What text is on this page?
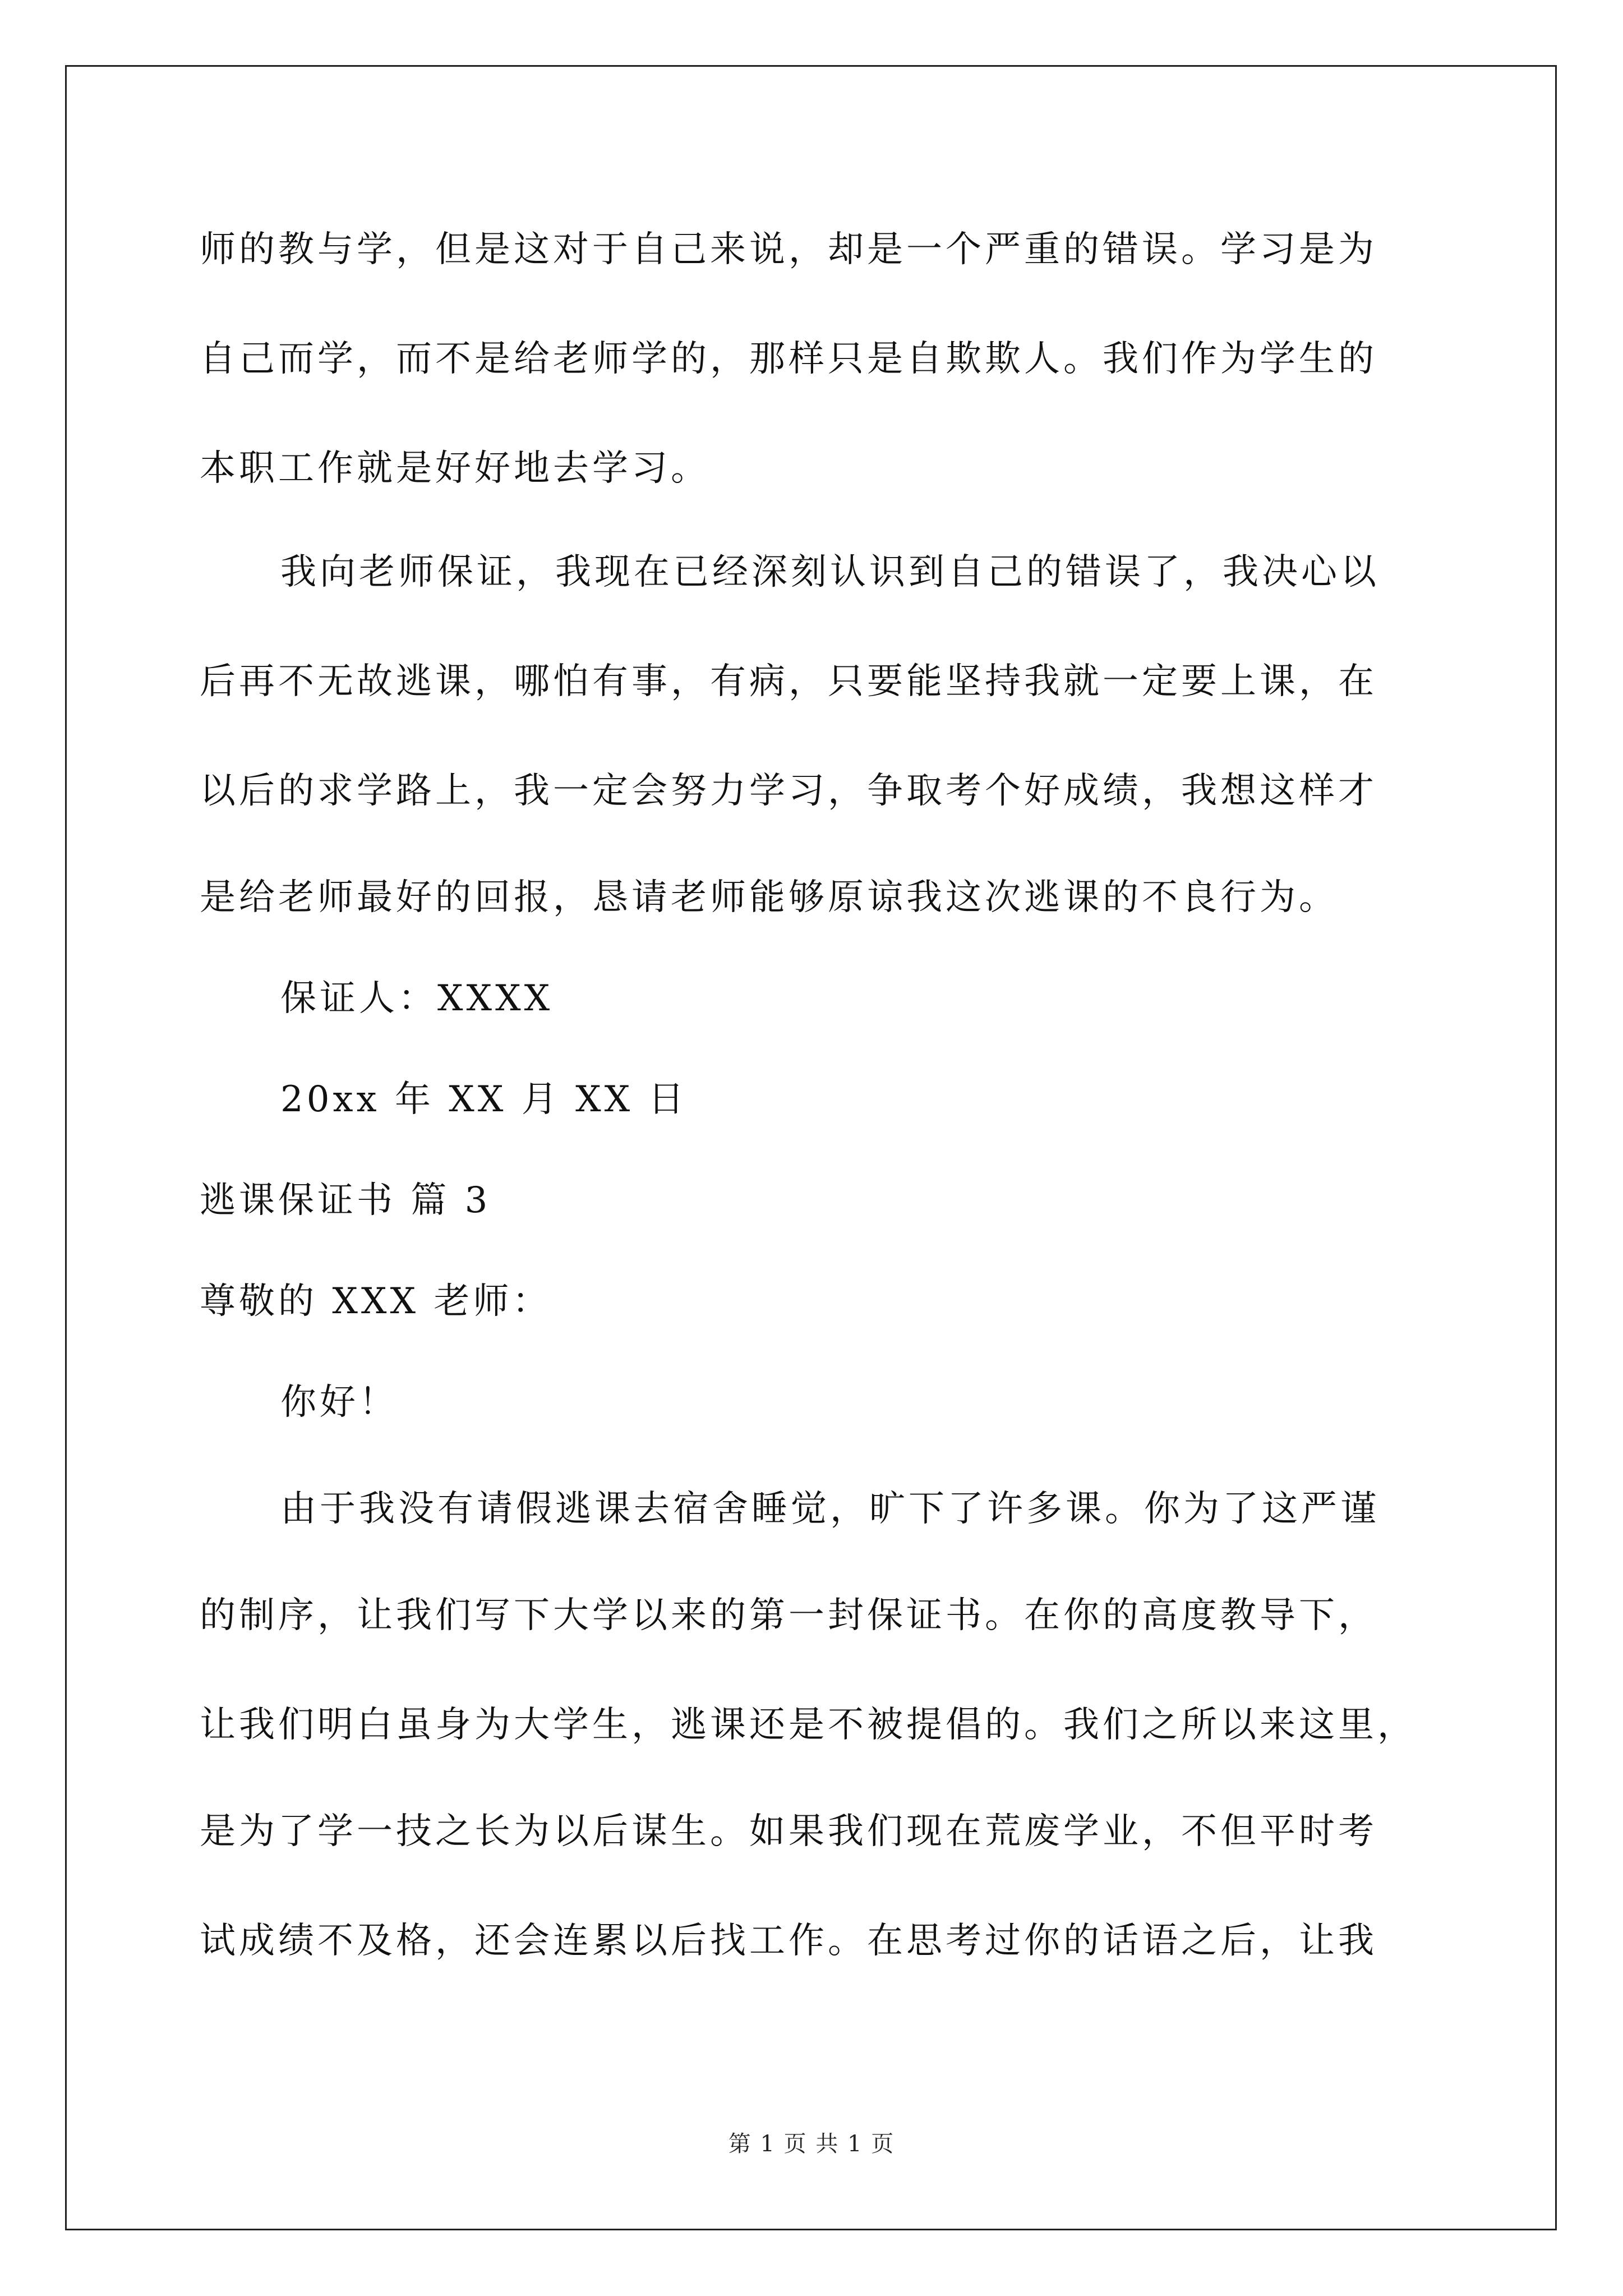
师的教与学，但是这对于自己来说，却是一个严重的错误。学习是为
自己而学，而不是给老师学的，那样只是自欺欺人。我们作为学生的
本职工作就是好好地去学习。
我向老师保证，我现在已经深刻认识到自己的错误了，我决心以
后再不无故逃课，哪怕有事，有病，只要能坚持我就一定要上课，在
以后的求学路上，我一定会努力学习，争取考个好成绩，我想这样才
是给老师最好的回报，恳请老师能够原谅我这次逃课的不良行为。
保证人：XXXX
20xx 年 XX 月 XX 日
逃课保证书 篇 3
尊敬的 XXX 老师：
你好！
由于我没有请假逃课去宿舍睡觉，旷下了许多课。你为了这严谨
的制序，让我们写下大学以来的第一封保证书。在你的高度教导下，
让我们明白虽身为大学生，逃课还是不被提倡的。我们之所以来这里，
是为了学一技之长为以后谋生。如果我们现在荒废学业，不但平时考
试成绩不及格，还会连累以后找工作。在思考过你的话语之后，让我
第 1 页 共 1 页
